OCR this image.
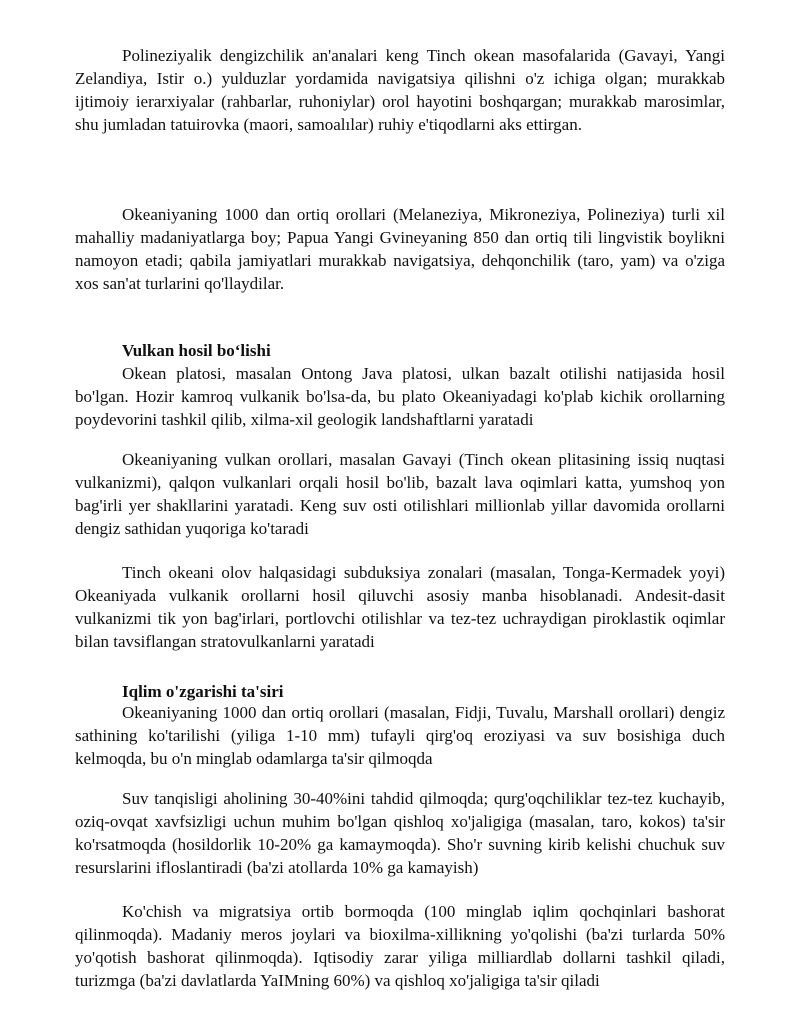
Polineziyalik dengizchilik an'analari keng Tinch okean masofalarida (Gavayi, Yangi Zelandiya, Istir o.) yulduzlar yordamida navigatsiya qilishni o'z ichiga olgan; murakkab ijtimoiy ierarxiyalar (rahbarlar, ruhoniylar) orol hayotini boshqargan; murakkab marosimlar, shu jumladan tatuirovka (maori, samoalılar) ruhiy e'tiqodlarni aks ettirgan.

Okeaniyaning 1000 dan ortiq orollari (Melaneziya, Mikroneziya, Polineziya) turli xil mahalliy madaniyatlarga boy; Papua Yangi Gvineyaning 850 dan ortiq tili lingvistik boylikni namoyon etadi; qabila jamiyatlari murakkab navigatsiya, dehqonchilik (taro, yam) va o'ziga xos san'at turlarini qo'llaydilar.

Vulkan hosil bo‘lishi

Okean platosi, masalan Ontong Java platosi, ulkan bazalt otilishi natijasida hosil bo'lgan. Hozir kamroq vulkanik bo'lsa-da, bu plato Okeaniyadagi ko'plab kichik orollarning poydevorini tashkil qilib, xilma-xil geologik landshaftlarni yaratadi

Okeaniyaning vulkan orollari, masalan Gavayi (Tinch okean plitasining issiq nuqtasi vulkanizmi), qalqon vulkanlari orqali hosil bo'lib, bazalt lava oqimlari katta, yumshoq yon bag'irli yer shakllarini yaratadi. Keng suv osti otilishlari millionlab yillar davomida orollarni dengiz sathidan yuqoriga ko'taradi

Tinch okeani olov halqasidagi subduksiya zonalari (masalan, Tonga-Kermadek yoyi) Okeaniyada vulkanik orollarni hosil qiluvchi asosiy manba hisoblanadi. Andesit-dasit vulkanizmi tik yon bag'irlari, portlovchi otilishlar va tez-tez uchraydigan piroklastik oqimlar bilan tavsiflangan stratovulkanlarni yaratadi

Iqlim o'zgarishi ta'siri

Okeaniyaning 1000 dan ortiq orollari (masalan, Fidji, Tuvalu, Marshall orollari) dengiz sathining ko'tarilishi (yiliga 1-10 mm) tufayli qirg'oq eroziyasi va suv bosishiga duch kelmoqda, bu o'n minglab odamlarga ta'sir qilmoqda

Suv tanqisligi aholining 30-40%ini tahdid qilmoqda; qurg'oqchiliklar tez-tez kuchayib, oziq-ovqat xavfsizligi uchun muhim bo'lgan qishloq xo'jaligiga (masalan, taro, kokos) ta'sir ko'rsatmoqda (hosildorlik 10-20% ga kamaymoqda). Sho'r suvning kirib kelishi chuchuk suv resurslarini ifloslantiradi (ba'zi atollarda 10% ga kamayish)

Ko'chish va migratsiya ortib bormoqda (100 minglab iqlim qochqinlari bashorat qilinmoqda). Madaniy meros joylari va bioxilma-xillikning yo'qolishi (ba'zi turlarda 50% yo'qotish bashorat qilinmoqda). Iqtisodiy zarar yiliga milliardlab dollarni tashkil qiladi, turizmga (ba'zi davlatlarda YaIMning 60%) va qishloq xo'jaligiga ta'sir qiladi
